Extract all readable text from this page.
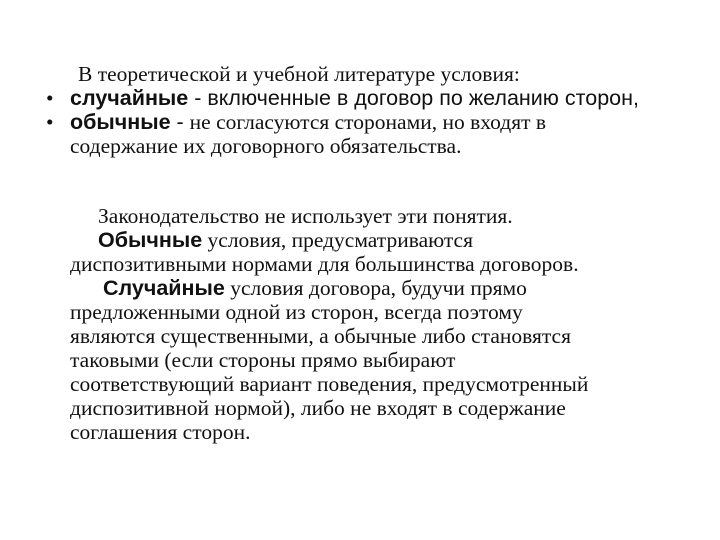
В теоретической и учебной литературе условия:
• случайные - включенные в договор по желанию сторон,
• обычные - не согласуются сторонами, но входят в
содержание их договорного обязательства.

Законодательство не использует эти понятия.

Обычные условия, предусматриваются

диспозитивными нормами для большинства договоров.

Случайные условия договора, будучи прямо

предложенными одной из сторон, всегда поэтому

являются существенными, а обычные либо становятся

таковыми (если стороны прямо выбирают

соответствующий вариант поведения, предусмотренный

диспозитивной нормой), либо не входят в содержание

соглашения сторон.
